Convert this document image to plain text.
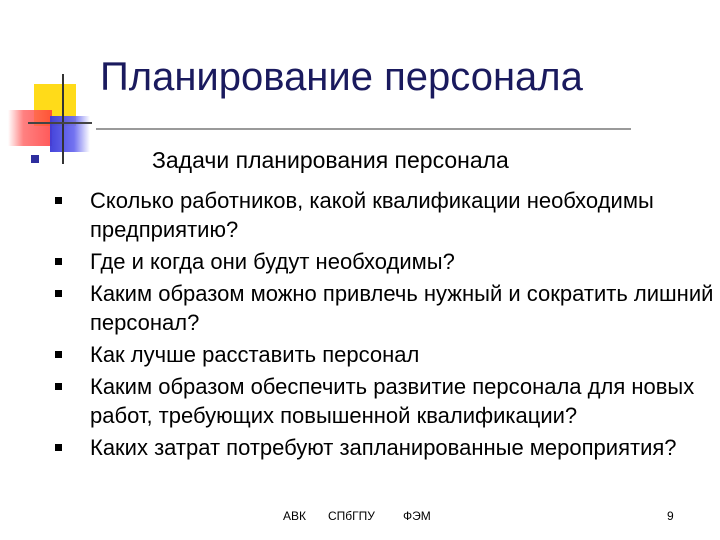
Планирование персонала
Задачи планирования персонала
Сколько работников, какой квалификации необходимы предприятию?
Где и когда они будут необходимы?
Каким образом можно привлечь нужный и сократить лишний персонал?
Как лучше расставить персонал
Каким образом обеспечить развитие персонала для новых работ, требующих повышенной квалификации?
Каких затрат потребуют запланированные мероприятия?
АВК СПбГПУ ФЭМ	9
